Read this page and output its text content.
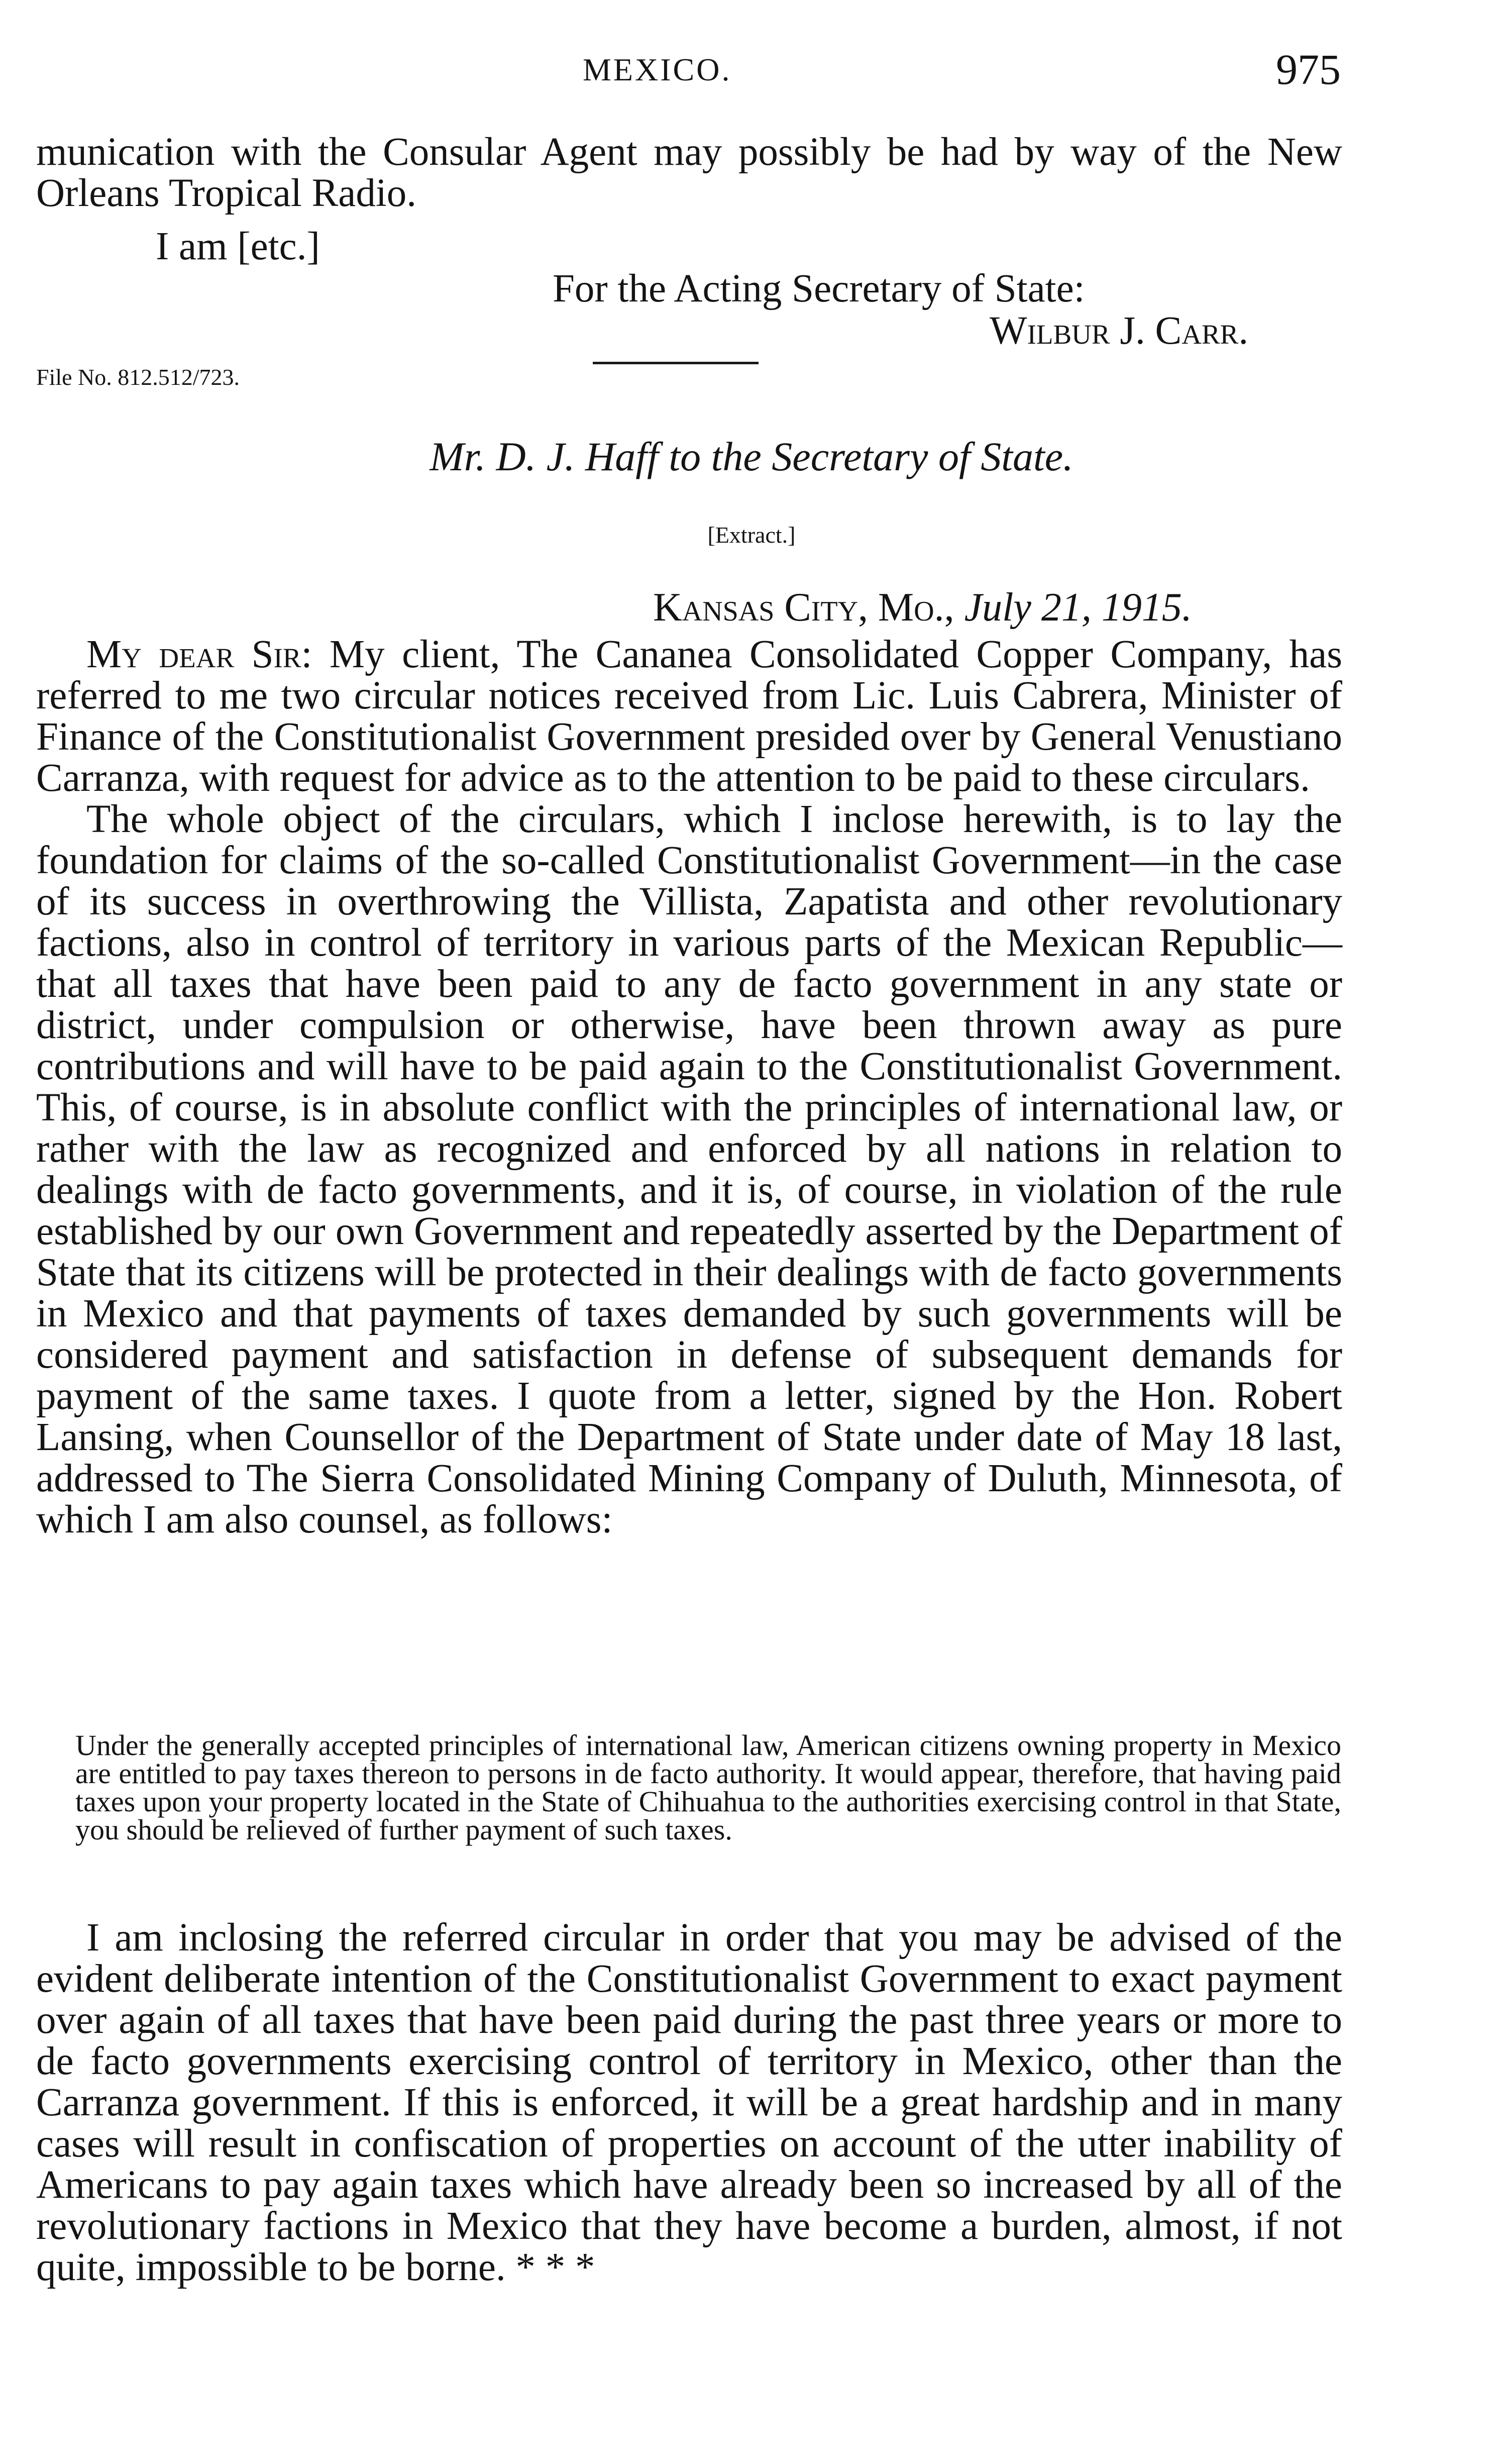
MEXICO.	975

munication with the Consular Agent may possibly be had by way of the New Orleans Tropical Radio.

I am [etc.]
For the Acting Secretary of State:
Wilbur J. Carr.
File No. 812.512/723.
Mr. D. J. Haff to the Secretary of State.
[Extract.]
Kansas City, Mo., July 21, 1915.

My dear Sir: My client, The Cananea Consolidated Copper Company, has referred to me two circular notices received from Lic. Luis Cabrera, Minister of Finance of the Constitutionalist Government presided over by General Venustiano Carranza, with request for advice as to the attention to be paid to these circulars.

The whole object of the circulars, which I inclose herewith, is to lay the foundation for claims of the so-called Constitutionalist Government—in the case of its success in overthrowing the Villista, Zapatista and other revolutionary factions, also in control of territory in various parts of the Mexican Republic—that all taxes that have been paid to any de facto government in any state or district, under compulsion or otherwise, have been thrown away as pure contributions and will have to be paid again to the Constitutionalist Government. This, of course, is in absolute conflict with the principles of international law, or rather with the law as recognized and enforced by all nations in relation to dealings with de facto governments, and it is, of course, in violation of the rule established by our own Government and repeatedly asserted by the Department of State that its citizens will be protected in their dealings with de facto governments in Mexico and that payments of taxes demanded by such governments will be considered payment and satisfaction in defense of subsequent demands for payment of the same taxes. I quote from a letter, signed by the Hon. Robert Lansing, when Counsellor of the Department of State under date of May 18 last, addressed to The Sierra Consolidated Mining Company of Duluth, Minnesota, of which I am also counsel, as follows:

Under the generally accepted principles of international law, American citizens owning property in Mexico are entitled to pay taxes thereon to persons in de facto authority. It would appear, therefore, that having paid taxes upon your property located in the State of Chihuahua to the authorities exercising control in that State, you should be relieved of further payment of such taxes.

I am inclosing the referred circular in order that you may be advised of the evident deliberate intention of the Constitutionalist Government to exact payment over again of all taxes that have been paid during the past three years or more to de facto governments exercising control of territory in Mexico, other than the Carranza government. If this is enforced, it will be a great hardship and in many cases will result in confiscation of properties on account of the utter inability of Americans to pay again taxes which have already been so increased by all of the revolutionary factions in Mexico that they have become a burden, almost, if not quite, impossible to be borne. * * *
